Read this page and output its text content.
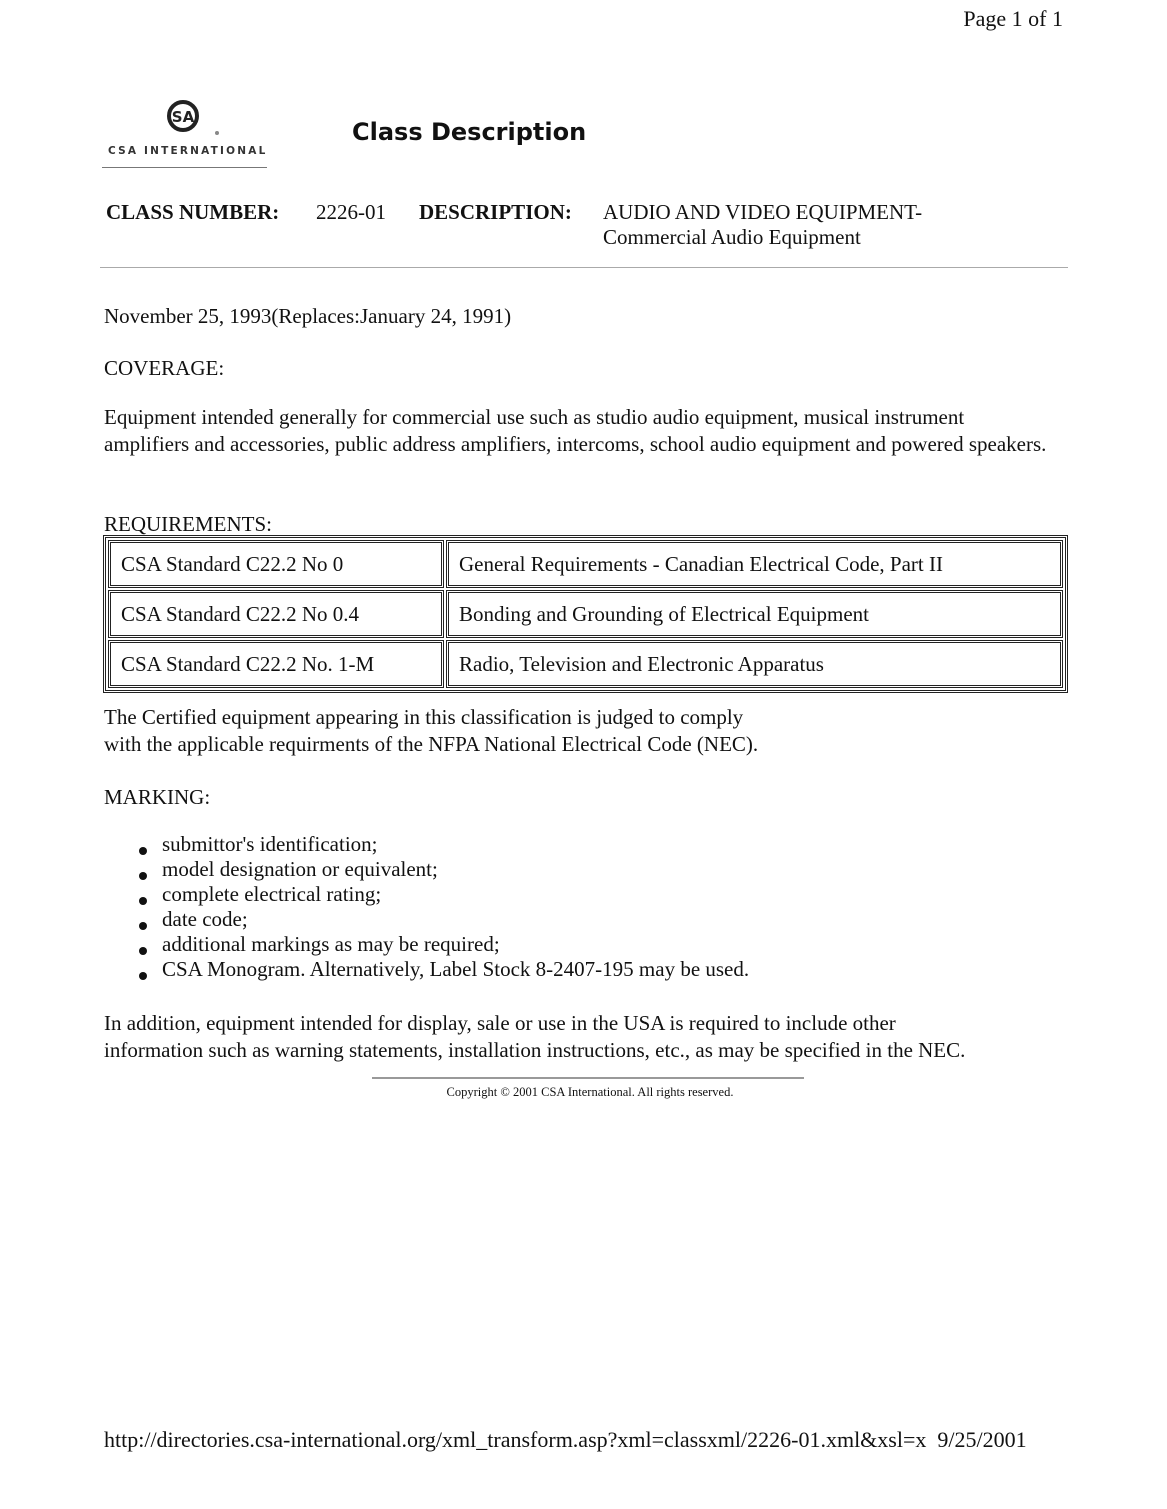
Page 1 of 1
SA
CSA INTERNATIONAL
Class Description
CLASS NUMBER: 2226-01 DESCRIPTION: AUDIO AND VIDEO EQUIPMENT-
Commercial Audio Equipment
November 25, 1993(Replaces:January 24, 1991)
COVERAGE:
Equipment intended generally for commercial use such as studio audio equipment, musical instrument amplifiers and accessories, public address amplifiers, intercoms, school audio equipment and powered speakers.
REQUIREMENTS:
CSA Standard C22.2 No 0	General Requirements - Canadian Electrical Code, Part II
CSA Standard C22.2 No 0.4	Bonding and Grounding of Electrical Equipment
CSA Standard C22.2 No. 1-M	Radio, Television and Electronic Apparatus
The Certified equipment appearing in this classification is judged to comply
with the applicable requirments of the NFPA National Electrical Code (NEC).
MARKING:
submittor's identification;
model designation or equivalent;
complete electrical rating;
date code;
additional markings as may be required;
CSA Monogram. Alternatively, Label Stock 8-2407-195 may be used.
In addition, equipment intended for display, sale or use in the USA is required to include other
information such as warning statements, installation instructions, etc., as may be specified in the NEC.
Copyright © 2001 CSA International. All rights reserved.
http://directories.csa-international.org/xml_transform.asp?xml=classxml/2226-01.xml&xsl=x 9/25/2001
